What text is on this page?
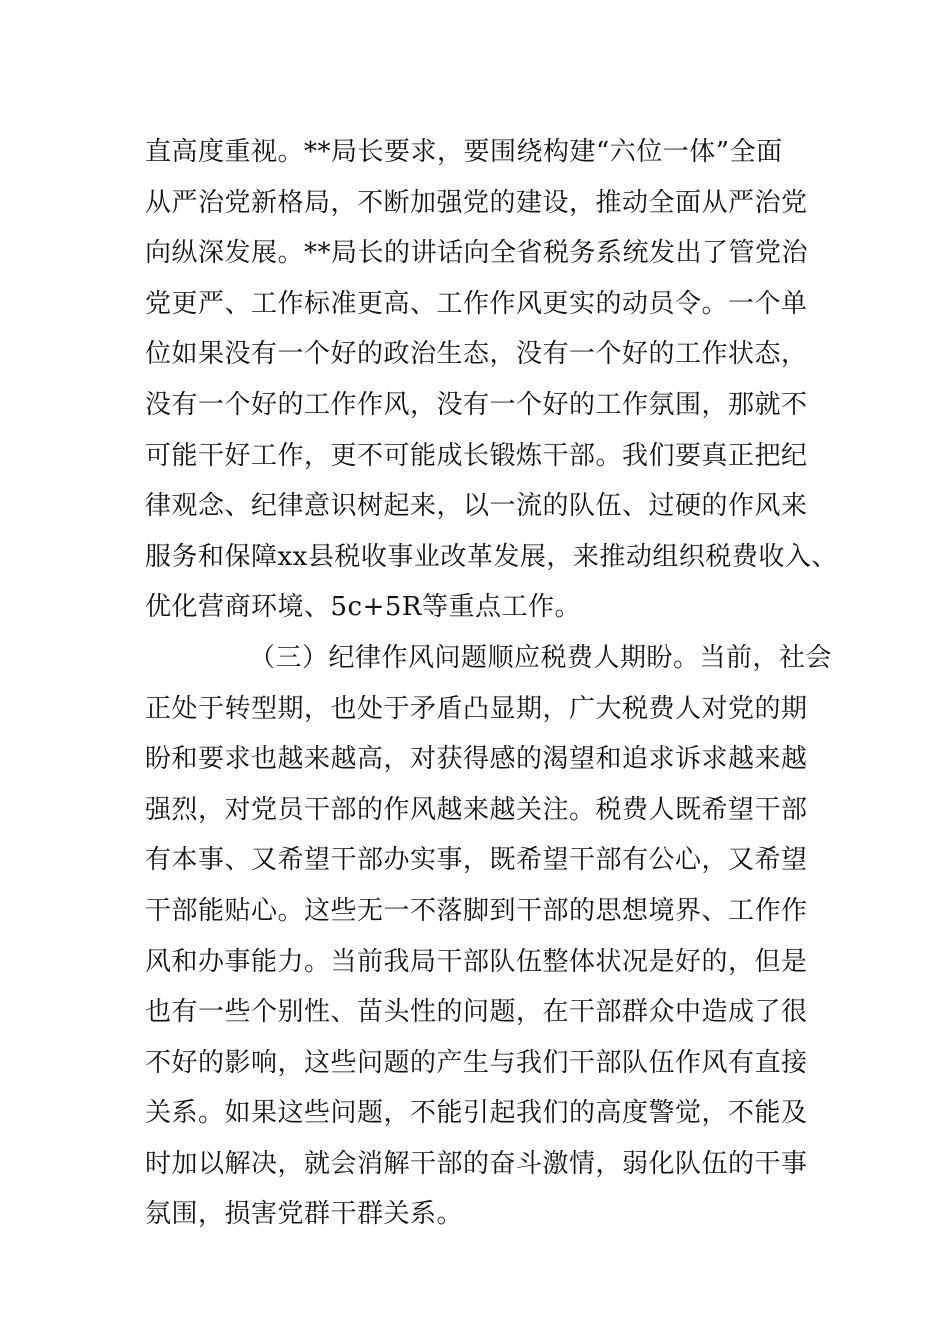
直高度重视。**局长要求，要围绕构建“六位一体”全面
从严治党新格局，不断加强党的建设，推动全面从严治党
向纵深发展。**局长的讲话向全省税务系统发出了管党治
党更严、工作标准更高、工作作风更实的动员令。一个单
位如果没有一个好的政治生态，没有一个好的工作状态，
没有一个好的工作作风，没有一个好的工作氛围，那就不
可能干好工作，更不可能成长锻炼干部。我们要真正把纪
律观念、纪律意识树起来，以一流的队伍、过硬的作风来
服务和保障xx县税收事业改革发展，来推动组织税费收入、
优化营商环境、5c+5R等重点工作。
（三）纪律作风问题顺应税费人期盼。当前，社会
正处于转型期，也处于矛盾凸显期，广大税费人对党的期
盼和要求也越来越高，对获得感的渴望和追求诉求越来越
强烈，对党员干部的作风越来越关注。税费人既希望干部
有本事、又希望干部办实事，既希望干部有公心，又希望
干部能贴心。这些无一不落脚到干部的思想境界、工作作
风和办事能力。当前我局干部队伍整体状况是好的，但是
也有一些个别性、苗头性的问题，在干部群众中造成了很
不好的影响，这些问题的产生与我们干部队伍作风有直接
关系。如果这些问题，不能引起我们的高度警觉，不能及
时加以解决，就会消解干部的奋斗激情，弱化队伍的干事
氛围，损害党群干群关系。
